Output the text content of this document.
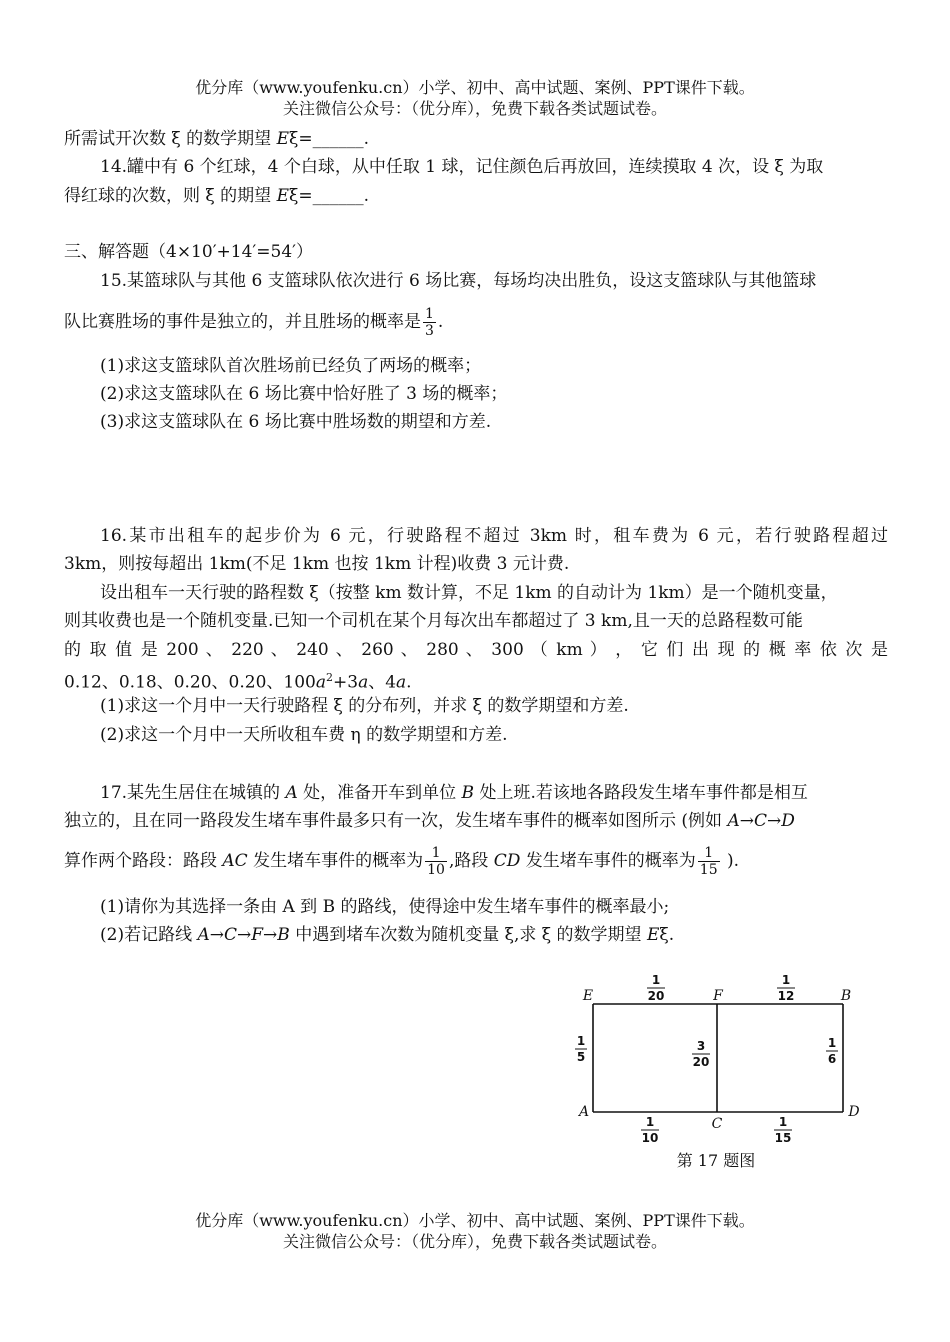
优分库（www.youfenku.cn）小学、初中、高中试题、案例、PPT课件下载。
关注微信公众号：（优分库），免费下载各类试题试卷。
所需试开次数 ξ 的数学期望 Eξ=______.
14.罐中有 6 个红球，4 个白球，从中任取 1 球，记住颜色后再放回，连续摸取 4 次，设 ξ 为取
得红球的次数，则 ξ 的期望 Eξ=______.
三、解答题（4×10′+14′=54′）
15.某篮球队与其他 6 支篮球队依次进行 6 场比赛，每场均决出胜负，设这支篮球队与其他篮球
队比赛胜场的事件是独立的，并且胜场的概率是 $\frac{1}{3}$ .
(1)求这支篮球队首次胜场前已经负了两场的概率；
(2)求这支篮球队在 6 场比赛中恰好胜了 3 场的概率；
(3)求这支篮球队在 6 场比赛中胜场数的期望和方差.
16.某市出租车的起步价为 6 元，行驶路程不超过 3km 时，租车费为 6 元，若行驶路程超过
3km，则按每超出 1km(不足 1km 也按 1km 计程)收费 3 元计费.
设出租车一天行驶的路程数 ξ（按整 km 数计算，不足 1km 的自动计为 1km）是一个随机变量，
则其收费也是一个随机变量.已知一个司机在某个月每次出车都超过了 3 km,且一天的总路程数可能
的 取 值 是 200 、 220 、 240 、 260 、 280 、 300 （ km ） ， 它 们 出 现 的 概 率 依 次 是
0.12、0.18、0.20、0.20、$100a^2+3a$、4a.
(1)求这一个月中一天行驶路程 ξ 的分布列，并求 ξ 的数学期望和方差.
(2)求这一个月中一天所收租车费 η 的数学期望和方差.
17.某先生居住在城镇的 A 处，准备开车到单位 B 处上班.若该地各路段发生堵车事件都是相互
独立的，且在同一路段发生堵车事件最多只有一次，发生堵车事件的概率如图所示 (例如 A→C→D
算作两个路段：路段 AC 发生堵车事件的概率为 $\frac{1}{10}$ ,路段 CD 发生堵车事件的概率为 $\frac{1}{15}$ ).
(1)请你为其选择一条由 A 到 B 的路线，使得途中发生堵车事件的概率最小;
(2)若记路线 A→C→F→B 中遇到堵车次数为随机变量 ξ,求 ξ 的数学期望 Eξ.
E	F	B
A
C
D
1
20
1
12
1
5
3
20
1
6
1
10
1
15
第 17 题图
优分库（www.youfenku.cn）小学、初中、高中试题、案例、PPT课件下载。
关注微信公众号：（优分库），免费下载各类试题试卷。
